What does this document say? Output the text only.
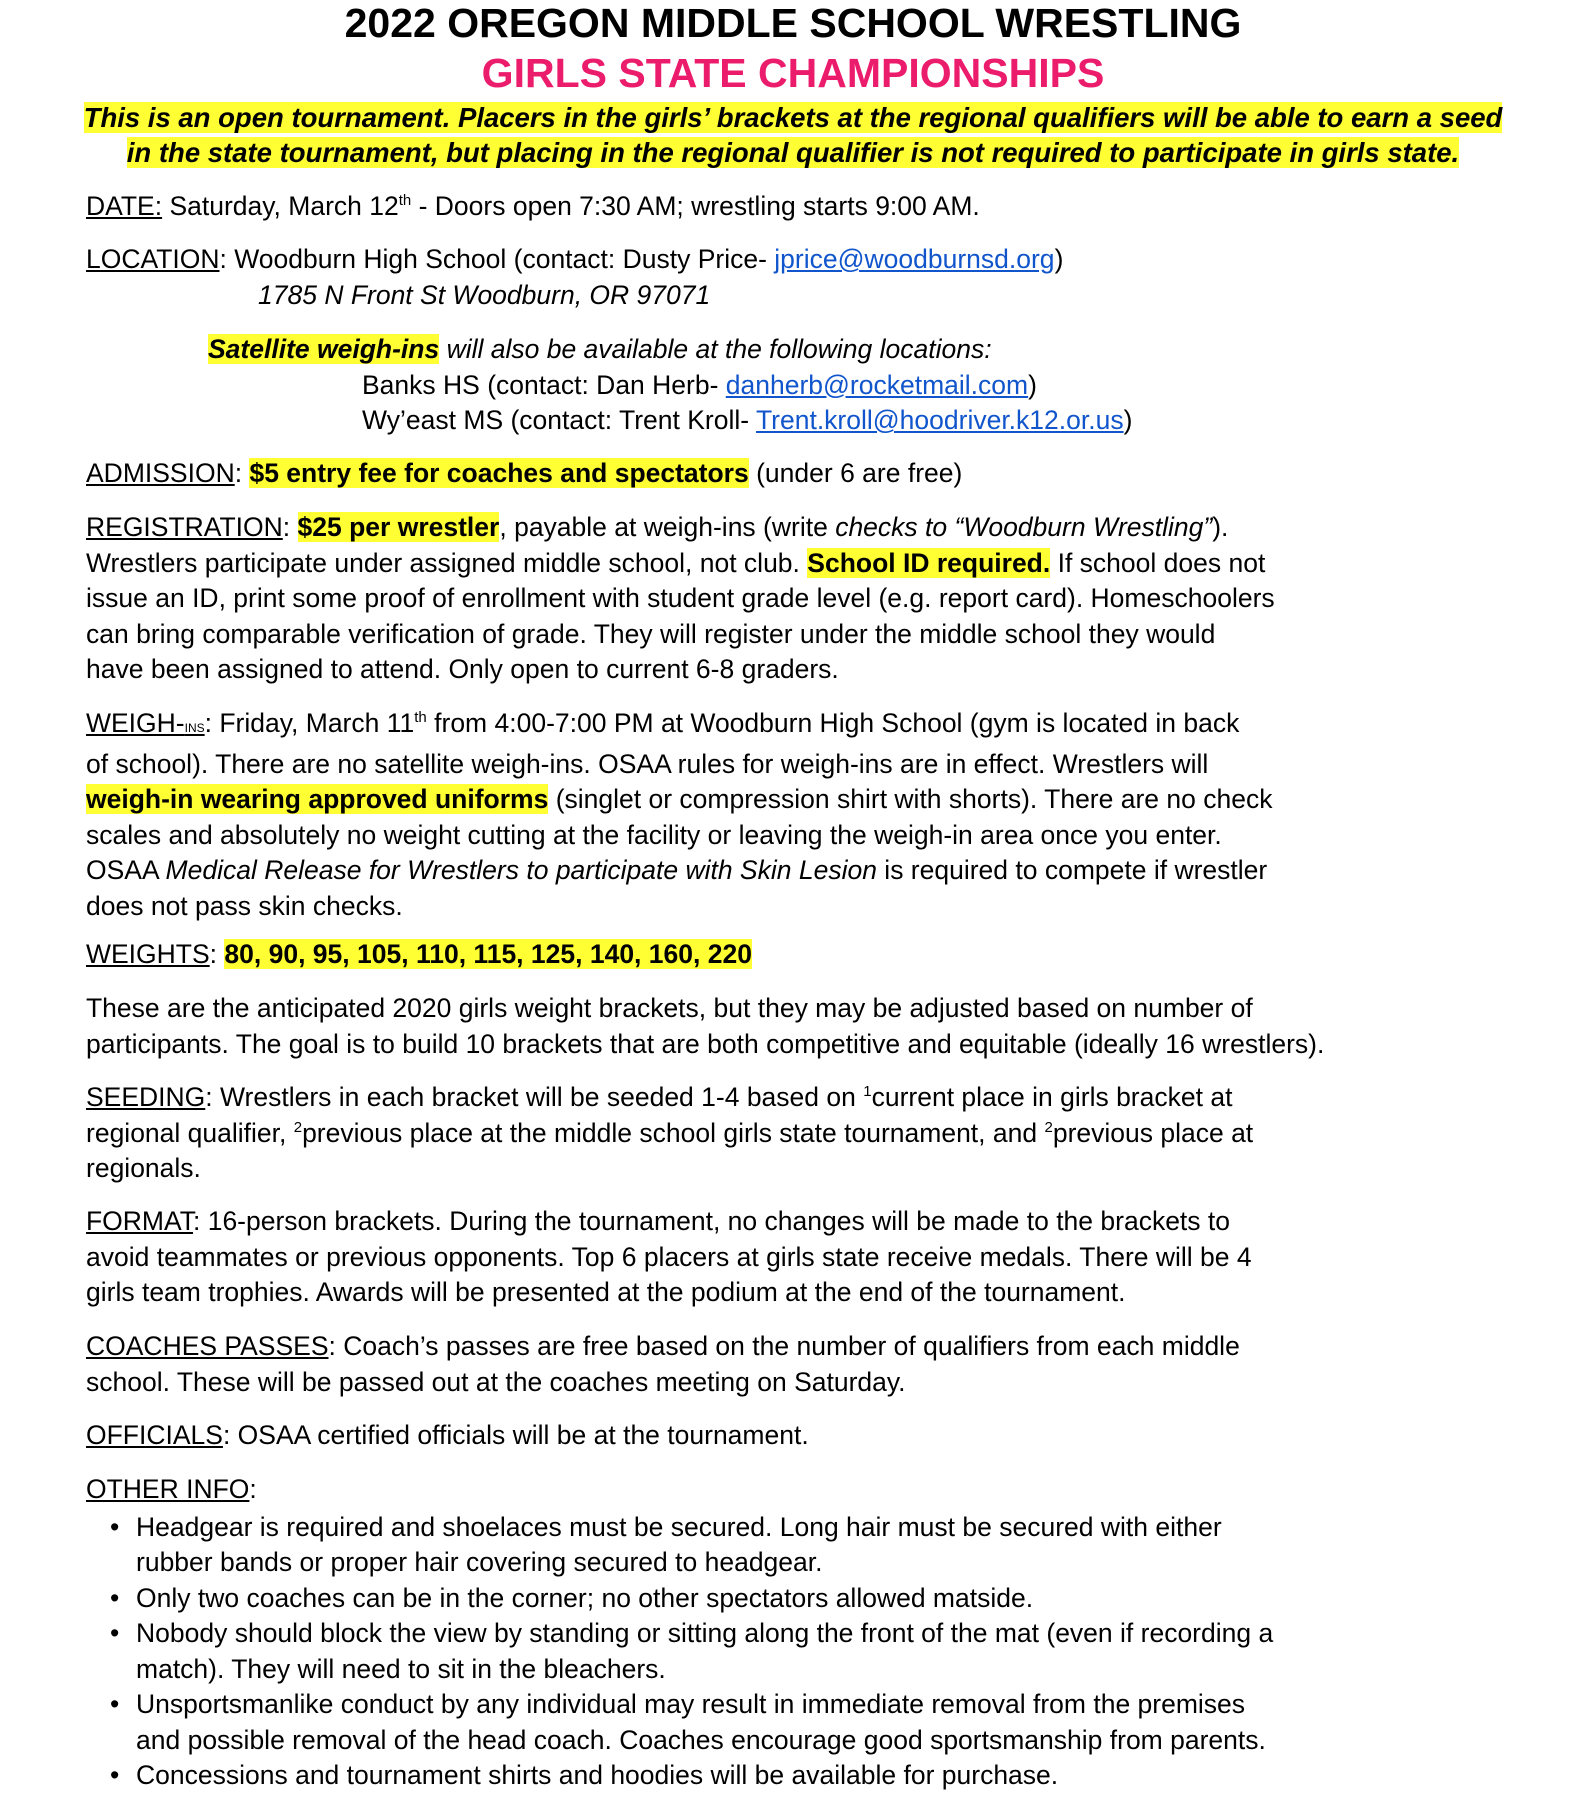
2022 OREGON MIDDLE SCHOOL WRESTLING
GIRLS STATE CHAMPIONSHIPS
This is an open tournament. Placers in the girls’ brackets at the regional qualifiers will be able to earn a seed
in the state tournament, but placing in the regional qualifier is not required to participate in girls state.

DATE: Saturday, March 12th - Doors open 7:30 AM; wrestling starts 9:00 AM.

LOCATION: Woodburn High School (contact: Dusty Price- jprice@woodburnsd.org)

1785 N Front St Woodburn, OR 97071

Satellite weigh-ins will also be available at the following locations:

Banks HS (contact: Dan Herb- danherb@rocketmail.com)

Wy’east MS (contact: Trent Kroll- Trent.kroll@hoodriver.k12.or.us)

ADMISSION: $5 entry fee for coaches and spectators (under 6 are free)

REGISTRATION: $25 per wrestler, payable at weigh-ins (write checks to “Woodburn Wrestling”).

Wrestlers participate under assigned middle school, not club. School ID required. If school does not

issue an ID, print some proof of enrollment with student grade level (e.g. report card). Homeschoolers

can bring comparable verification of grade. They will register under the middle school they would

have been assigned to attend. Only open to current 6-8 graders.

WEIGH-INS: Friday, March 11th from 4:00-7:00 PM at Woodburn High School (gym is located in back

of school). There are no satellite weigh-ins. OSAA rules for weigh-ins are in effect. Wrestlers will

weigh-in wearing approved uniforms (singlet or compression shirt with shorts). There are no check

scales and absolutely no weight cutting at the facility or leaving the weigh-in area once you enter.

OSAA Medical Release for Wrestlers to participate with Skin Lesion is required to compete if wrestler

does not pass skin checks.

WEIGHTS: 80, 90, 95, 105, 110, 115, 125, 140, 160, 220

These are the anticipated 2020 girls weight brackets, but they may be adjusted based on number of

participants. The goal is to build 10 brackets that are both competitive and equitable (ideally 16 wrestlers).

SEEDING: Wrestlers in each bracket will be seeded 1-4 based on $^1$current place in girls bracket at

regional qualifier, $^2$previous place at the middle school girls state tournament, and $^2$previous place at

regionals.

FORMAT: 16-person brackets. During the tournament, no changes will be made to the brackets to

avoid teammates or previous opponents. Top 6 placers at girls state receive medals. There will be 4

girls team trophies. Awards will be presented at the podium at the end of the tournament.

COACHES PASSES: Coach’s passes are free based on the number of qualifiers from each middle

school. These will be passed out at the coaches meeting on Saturday.

OFFICIALS: OSAA certified officials will be at the tournament.

OTHER INFO:

• Headgear is required and shoelaces must be secured. Long hair must be secured with either
rubber bands or proper hair covering secured to headgear.
• Only two coaches can be in the corner; no other spectators allowed matside.
• Nobody should block the view by standing or sitting along the front of the mat (even if recording a
match). They will need to sit in the bleachers.
• Unsportsmanlike conduct by any individual may result in immediate removal from the premises
and possible removal of the head coach. Coaches encourage good sportsmanship from parents.
• Concessions and tournament shirts and hoodies will be available for purchase.
